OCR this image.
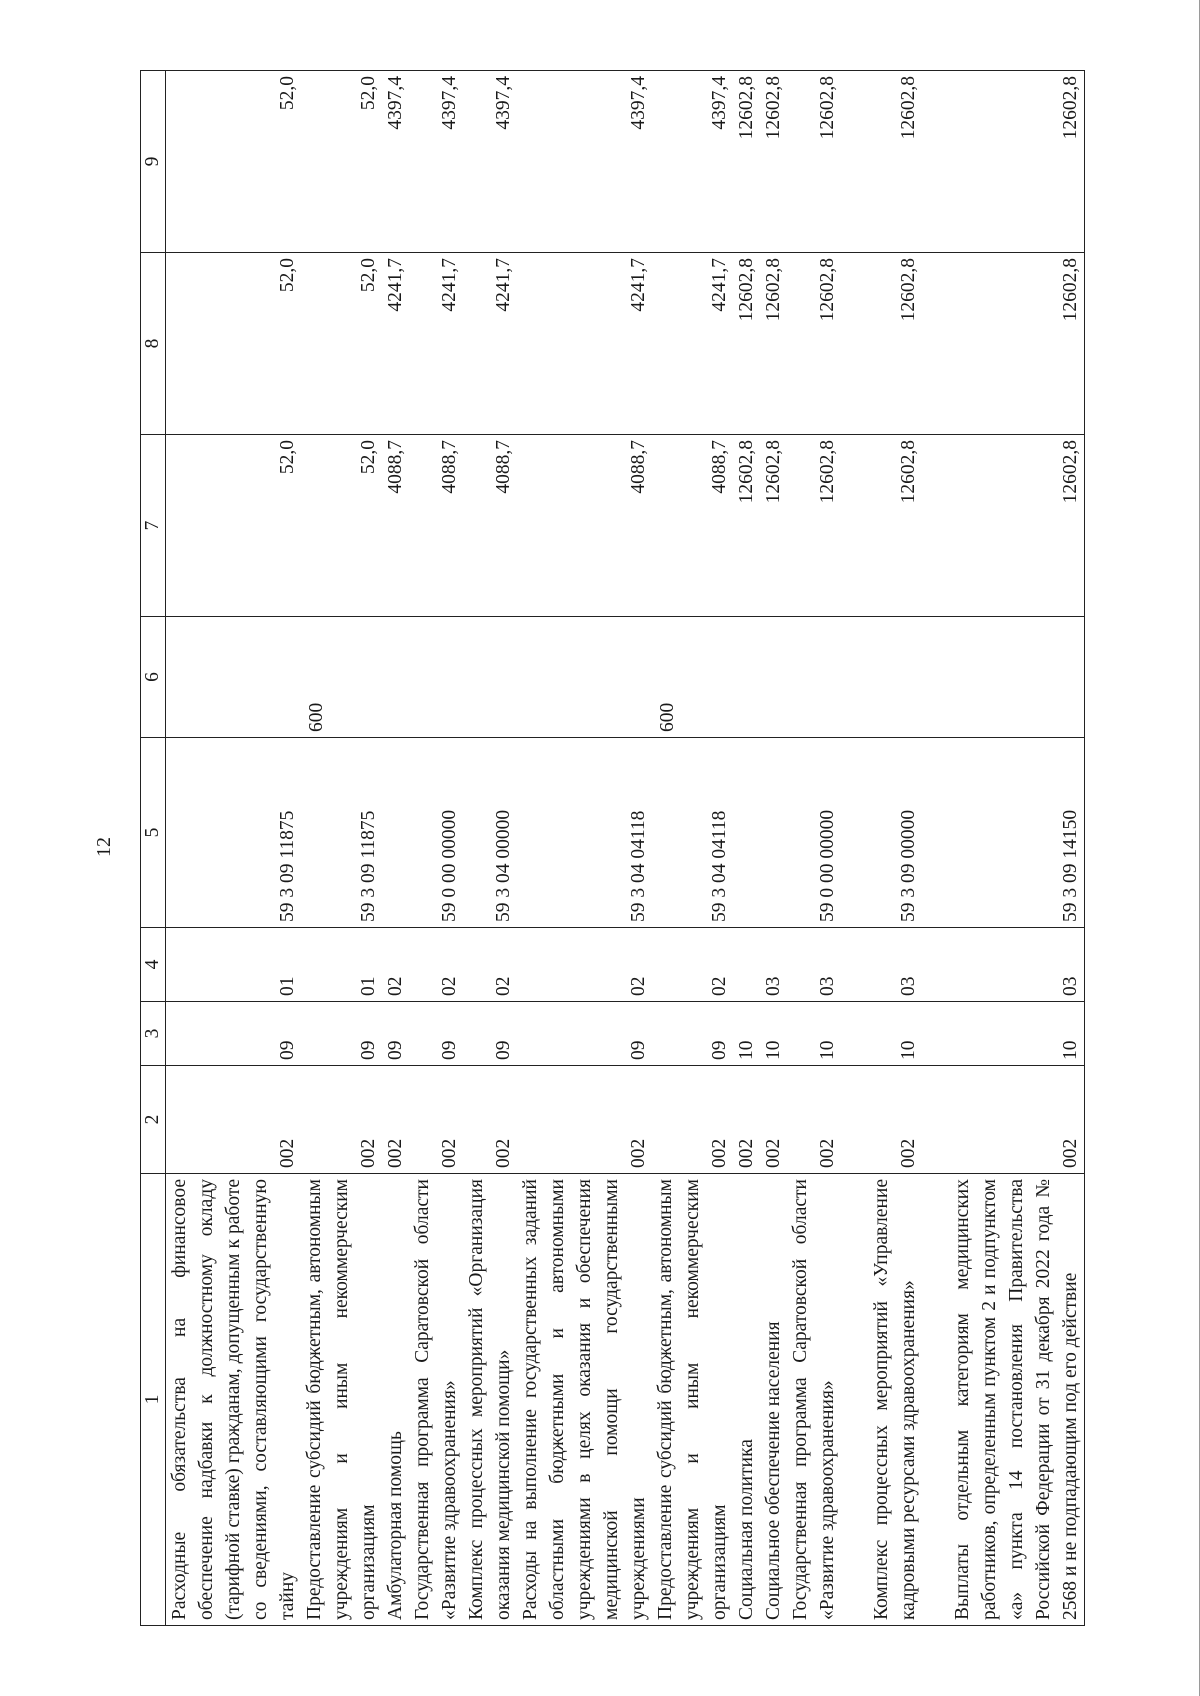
12
1	2	3	4	5	6	7	8	9
Расходные обязательства на финансовое обеспечение надбавки к должностному окладу (тарифной ставке) гражданам, допущенным к работе со сведениями, составляющими государственную тайну	002	09	01	59 3 09 11875		52,0	52,0	52,0
Предоставление субсидий бюджетным, автономным учреждениям и иным некоммерческим организациям	002	09	01	59 3 09 11875	600	52,0	52,0	52,0
Амбулаторная помощь	002	09	02			4088,7	4241,7	4397,4
Государственная программа Саратовской области «Развитие здравоохранения»	002	09	02	59 0 00 00000		4088,7	4241,7	4397,4
Комплекс процессных мероприятий «Организация оказания медицинской помощи»	002	09	02	59 3 04 00000		4088,7	4241,7	4397,4
Расходы на выполнение государственных заданий областными бюджетными и автономными учреждениями в целях оказания и обеспечения медицинской помощи государственными учреждениями	002	09	02	59 3 04 04118		4088,7	4241,7	4397,4
Предоставление субсидий бюджетным, автономным учреждениям и иным некоммерческим организациям	002	09	02	59 3 04 04118	600	4088,7	4241,7	4397,4
Социальная политика	002	10				12602,8	12602,8	12602,8
Социальное обеспечение населения	002	10	03			12602,8	12602,8	12602,8
Государственная программа Саратовской области «Развитие здравоохранения»	002	10	03	59 0 00 00000		12602,8	12602,8	12602,8
Комплекс процессных мероприятий «Управление кадровыми ресурсами здравоохранения»	002	10	03	59 3 09 00000		12602,8	12602,8	12602,8
Выплаты отдельным категориям медицинских работников, определенным пунктом 2 и подпунктом «а» пункта 14 постановления Правительства Российской Федерации от 31 декабря 2022 года № 2568 и не подпадающим под его действие	002	10	03	59 3 09 14150		12602,8	12602,8	12602,8
